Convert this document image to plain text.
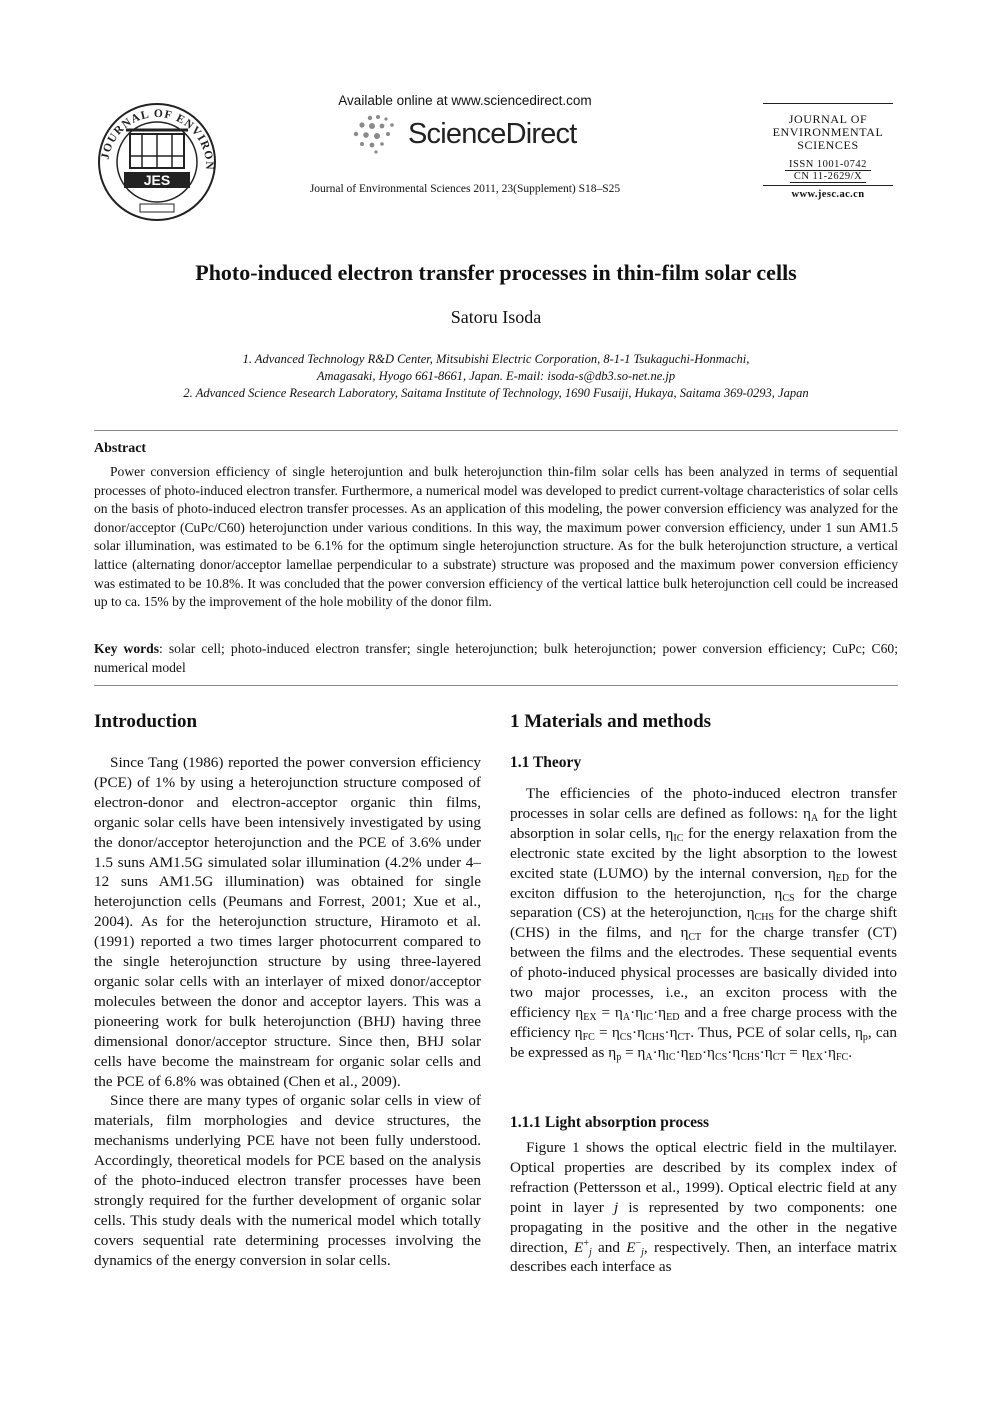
JOURNAL OF ENVIRON
JES
Available online at www.sciencedirect.com
ScienceDirect
Journal of Environmental Sciences 2011, 23(Supplement) S18–S25
JOURNAL OF
ENVIRONMENTAL
SCIENCES
ISSN 1001-0742
CN 11-2629/X
www.jesc.ac.cn
Photo-induced electron transfer processes in thin-film solar cells
Satoru Isoda
1. Advanced Technology R&D Center, Mitsubishi Electric Corporation, 8-1-1 Tsukaguchi-Honmachi,
Amagasaki, Hyogo 661-8661, Japan. E-mail: isoda-s@db3.so-net.ne.jp
2. Advanced Science Research Laboratory, Saitama Institute of Technology, 1690 Fusaiji, Hukaya, Saitama 369-0293, Japan
Abstract

Power conversion efficiency of single heterojuntion and bulk heterojunction thin-film solar cells has been analyzed in terms of sequential processes of photo-induced electron transfer. Furthermore, a numerical model was developed to predict current-voltage characteristics of solar cells on the basis of photo-induced electron transfer processes. As an application of this modeling, the power conversion efficiency was analyzed for the donor/acceptor (CuPc/C60) heterojunction under various conditions. In this way, the maximum power conversion efficiency, under 1 sun AM1.5 solar illumination, was estimated to be 6.1% for the optimum single heterojunction structure. As for the bulk heterojunction structure, a vertical lattice (alternating donor/acceptor lamellae perpendicular to a substrate) structure was proposed and the maximum power conversion efficiency was estimated to be 10.8%. It was concluded that the power conversion efficiency of the vertical lattice bulk heterojunction cell could be increased up to ca. 15% by the improvement of the hole mobility of the donor film.

Key words: solar cell; photo-induced electron transfer; single heterojunction; bulk heterojunction; power conversion efficiency; CuPc; C60; numerical model

Introduction

Since Tang (1986) reported the power conversion efficiency (PCE) of 1% by using a heterojunction structure composed of electron-donor and electron-acceptor organic thin films, organic solar cells have been intensively investigated by using the donor/acceptor heterojunction and the PCE of 3.6% under 1.5 suns AM1.5G simulated solar illumination (4.2% under 4–12 suns AM1.5G illumination) was obtained for single heterojunction cells (Peumans and Forrest, 2001; Xue et al., 2004). As for the heterojunction structure, Hiramoto et al. (1991) reported a two times larger photocurrent compared to the single heterojunction structure by using three-layered organic solar cells with an interlayer of mixed donor/acceptor molecules between the donor and acceptor layers. This was a pioneering work for bulk heterojunction (BHJ) having three dimensional donor/acceptor structure. Since then, BHJ solar cells have become the mainstream for organic solar cells and the PCE of 6.8% was obtained (Chen et al., 2009).

Since there are many types of organic solar cells in view of materials, film morphologies and device structures, the mechanisms underlying PCE have not been fully understood. Accordingly, theoretical models for PCE based on the analysis of the photo-induced electron transfer processes have been strongly required for the further development of organic solar cells. This study deals with the numerical model which totally covers sequential rate determining processes involving the dynamics of the energy conversion in solar cells.

1 Materials and methods
1.1 Theory

The efficiencies of the photo-induced electron transfer processes in solar cells are defined as follows: $\eta_A$ for the light absorption in solar cells, $\eta_{IC}$ for the energy relaxation from the electronic state excited by the light absorption to the lowest excited state (LUMO) by the internal conversion, $\eta_{ED}$ for the exciton diffusion to the heterojunction, $\eta_{CS}$ for the charge separation (CS) at the heterojunction, $\eta_{CHS}$ for the charge shift (CHS) in the films, and $\eta_{CT}$ for the charge transfer (CT) between the films and the electrodes. These sequential events of photo-induced physical processes are basically divided into two major processes, i.e., an exciton process with the efficiency $\eta_{EX} = \eta_A\cdot\eta_{IC}\cdot\eta_{ED}$ and a free charge process with the efficiency $\eta_{FC} = \eta_{CS}\cdot\eta_{CHS}\cdot\eta_{CT}$. Thus, PCE of solar cells, $\eta_p$, can be expressed as $\eta_p = \eta_A\cdot\eta_{IC}\cdot\eta_{ED}\cdot\eta_{CS}\cdot\eta_{CHS}\cdot\eta_{CT} = \eta_{EX}\cdot\eta_{FC}$.

1.1.1 Light absorption process

Figure 1 shows the optical electric field in the multilayer. Optical properties are described by its complex index of refraction (Pettersson et al., 1999). Optical electric field at any point in layer j is represented by two components: one propagating in the positive and the other in the negative direction, $E^+_j$ and $E^-_j$, respectively. Then, an interface matrix describes each interface as
